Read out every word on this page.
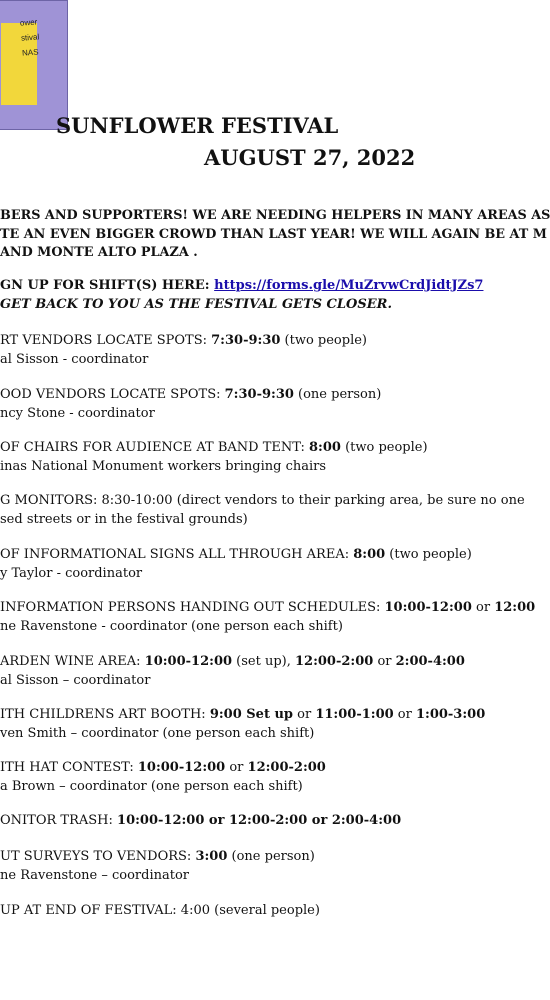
ower
stival
NAS
SUNFLOWER FESTIVAL
AUGUST 27, 2022
BERS AND SUPPORTERS! WE ARE NEEDING HELPERS IN MANY AREAS AS
TE AN EVEN BIGGER CROWD THAN LAST YEAR! WE WILL AGAIN BE AT M
AND MONTE ALTO PLAZA .
GN UP FOR SHIFT(S) HERE: https://forms.gle/MuZrvwCrdJidtJZs7
GET BACK TO YOU AS THE FESTIVAL GETS CLOSER.
RT VENDORS LOCATE SPOTS: 7:30-9:30 (two people)
al Sisson - coordinator
OOD VENDORS LOCATE SPOTS: 7:30-9:30 (one person)
ncy Stone - coordinator
OF CHAIRS FOR AUDIENCE AT BAND TENT: 8:00 (two people)
inas National Monument workers bringing chairs
G MONITORS: 8:30-10:00 (direct vendors to their parking area, be sure no one
sed streets or in the festival grounds)
OF INFORMATIONAL SIGNS ALL THROUGH AREA: 8:00 (two people)
y Taylor - coordinator
INFORMATION PERSONS HANDING OUT SCHEDULES: 10:00-12:00 or 12:00
ne Ravenstone - coordinator (one person each shift)
ARDEN WINE AREA: 10:00-12:00 (set up), 12:00-2:00 or 2:00-4:00
al Sisson – coordinator
ITH CHILDRENS ART BOOTH: 9:00 Set up or 11:00-1:00 or 1:00-3:00
ven Smith – coordinator (one person each shift)
ITH HAT CONTEST: 10:00-12:00 or 12:00-2:00
a Brown – coordinator (one person each shift)
ONITOR TRASH: 10:00-12:00 or 12:00-2:00 or 2:00-4:00
UT SURVEYS TO VENDORS: 3:00 (one person)
ne Ravenstone – coordinator
UP AT END OF FESTIVAL: 4:00 (several people)
